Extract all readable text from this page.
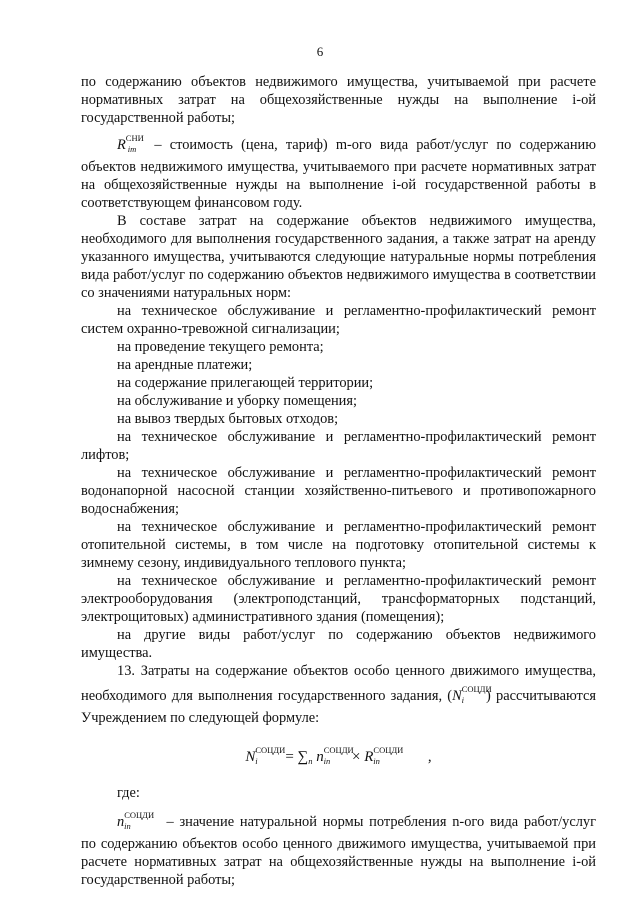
6

по содержанию объектов недвижимого имущества, учитываемой при расчете нормативных затрат на общехозяйственные нужды на выполнение i-ой государственной работы;

$R^{СНИ}_{im}$ – стоимость (цена, тариф) m-ого вида работ/услуг по содержанию объектов недвижимого имущества, учитываемого при расчете нормативных затрат на общехозяйственные нужды на выполнение i-ой государственной работы в соответствующем финансовом году.

В составе затрат на содержание объектов недвижимого имущества, необходимого для выполнения государственного задания, а также затрат на аренду указанного имущества, учитываются следующие натуральные нормы потребления вида работ/услуг по содержанию объектов недвижимого имущества в соответствии со значениями натуральных норм:

на техническое обслуживание и регламентно-профилактический ремонт систем охранно-тревожной сигнализации;

на проведение текущего ремонта;

на арендные платежи;

на содержание прилегающей территории;

на обслуживание и уборку помещения;

на вывоз твердых бытовых отходов;

на техническое обслуживание и регламентно-профилактический ремонт лифтов;

на техническое обслуживание и регламентно-профилактический ремонт водонапорной насосной станции хозяйственно-питьевого и противопожарного водоснабжения;

на техническое обслуживание и регламентно-профилактический ремонт отопительной системы, в том числе на подготовку отопительной системы к зимнему сезону, индивидуального теплового пункта;

на техническое обслуживание и регламентно-профилактический ремонт электрооборудования (электроподстанций, трансформаторных подстанций, электрощитовых) административного здания (помещения);

на другие виды работ/услуг по содержанию объектов недвижимого имущества.

13. Затраты на содержание объектов особо ценного движимого имущества, необходимого для выполнения государственного задания, ($N^{СОЦДИ}_i$ ) рассчитываются Учреждением по следующей формуле:

$N^{СОЦДИ}_i = \sum_n$ $n^{СОЦДИ}_{in} \times R^{СОЦДИ}_{in}$	,

где:

$n^{СОЦДИ}_{in}$ – значение натуральной нормы потребления n-ого вида работ/услуг по содержанию объектов особо ценного движимого имущества, учитываемой при расчете нормативных затрат на общехозяйственные нужды на выполнение i-ой государственной работы;
